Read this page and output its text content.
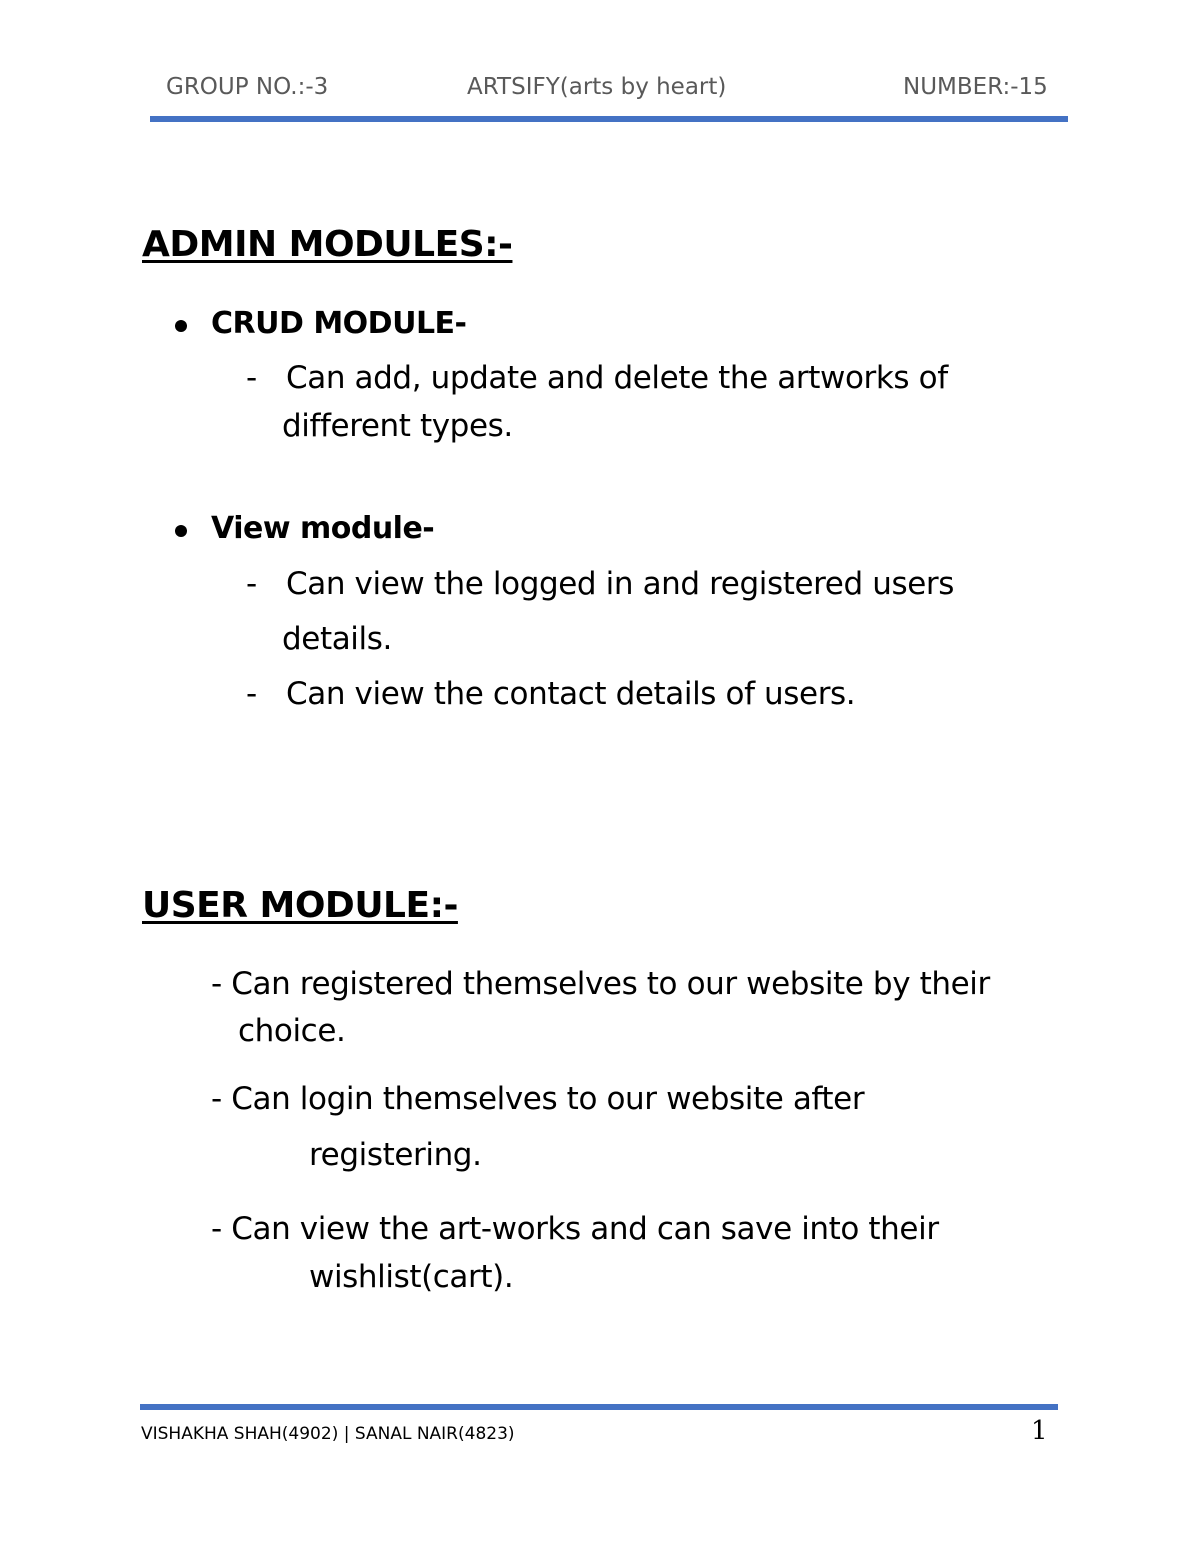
GROUP NO.:-3	ARTSIFY(arts by heart)	NUMBER:-15
ADMIN MODULES:-
CRUD MODULE-
- Can add, update and delete the artworks of
different types.
View module-
- Can view the logged in and registered users
details.
- Can view the contact details of users.
USER MODULE:-
- Can registered themselves to our website by their
choice.
- Can login themselves to our website after
registering.
- Can view the art-works and can save into their
wishlist(cart).
VISHAKHA SHAH(4902) | SANAL NAIR(4823)	1
